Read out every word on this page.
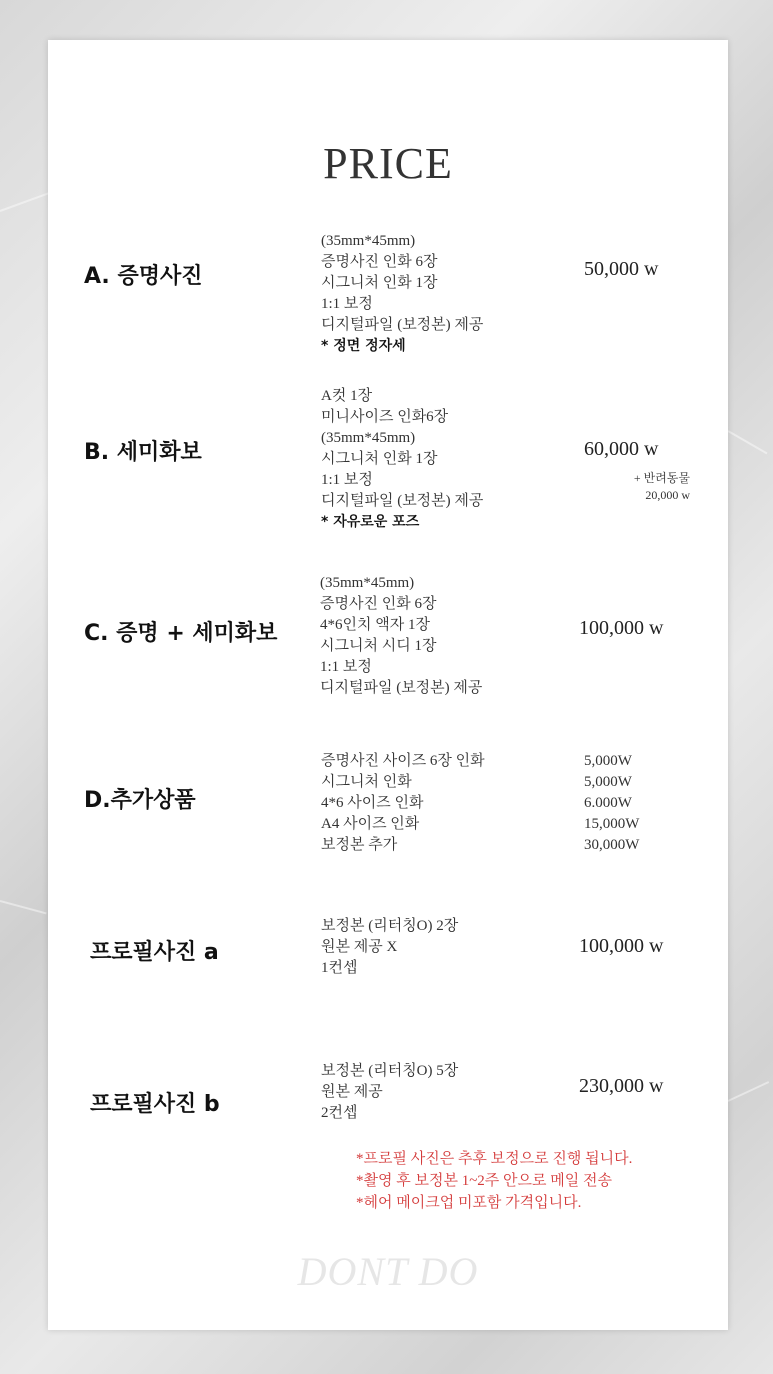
PRICE
A. 증명사진
(35mm*45mm)
증명사진 인화 6장
시그니처 인화 1장
1:1 보정
디지털파일 (보정본) 제공
* 정면 정자세
50,000 w
B. 세미화보
A컷 1장
미니사이즈 인화6장
(35mm*45mm)
시그니처 인화 1장
1:1 보정
디지털파일 (보정본) 제공
* 자유로운 포즈
60,000 w
+ 반려동물
20,000 w
C. 증명 + 세미화보
(35mm*45mm)
증명사진 인화 6장
4*6인치 액자 1장
시그니처 시디 1장
1:1 보정
디지털파일 (보정본) 제공
100,000 w
D.추가상품
증명사진 사이즈 6장 인화
시그니처 인화
4*6 사이즈 인화
A4 사이즈 인화
보정본 추가
5,000W
5,000W
6.000W
15,000W
30,000W
프로필사진 a
보정본 (리터칭O) 2장
원본 제공 X
1컨셉
100,000 w
프로필사진 b
보정본 (리터칭O) 5장
원본 제공
2컨셉
230,000 w
*프로필 사진은 추후 보정으로 진행 됩니다.
*촬영 후 보정본 1~2주 안으로 메일 전송
*헤어 메이크업 미포함 가격입니다.
DONT DO
